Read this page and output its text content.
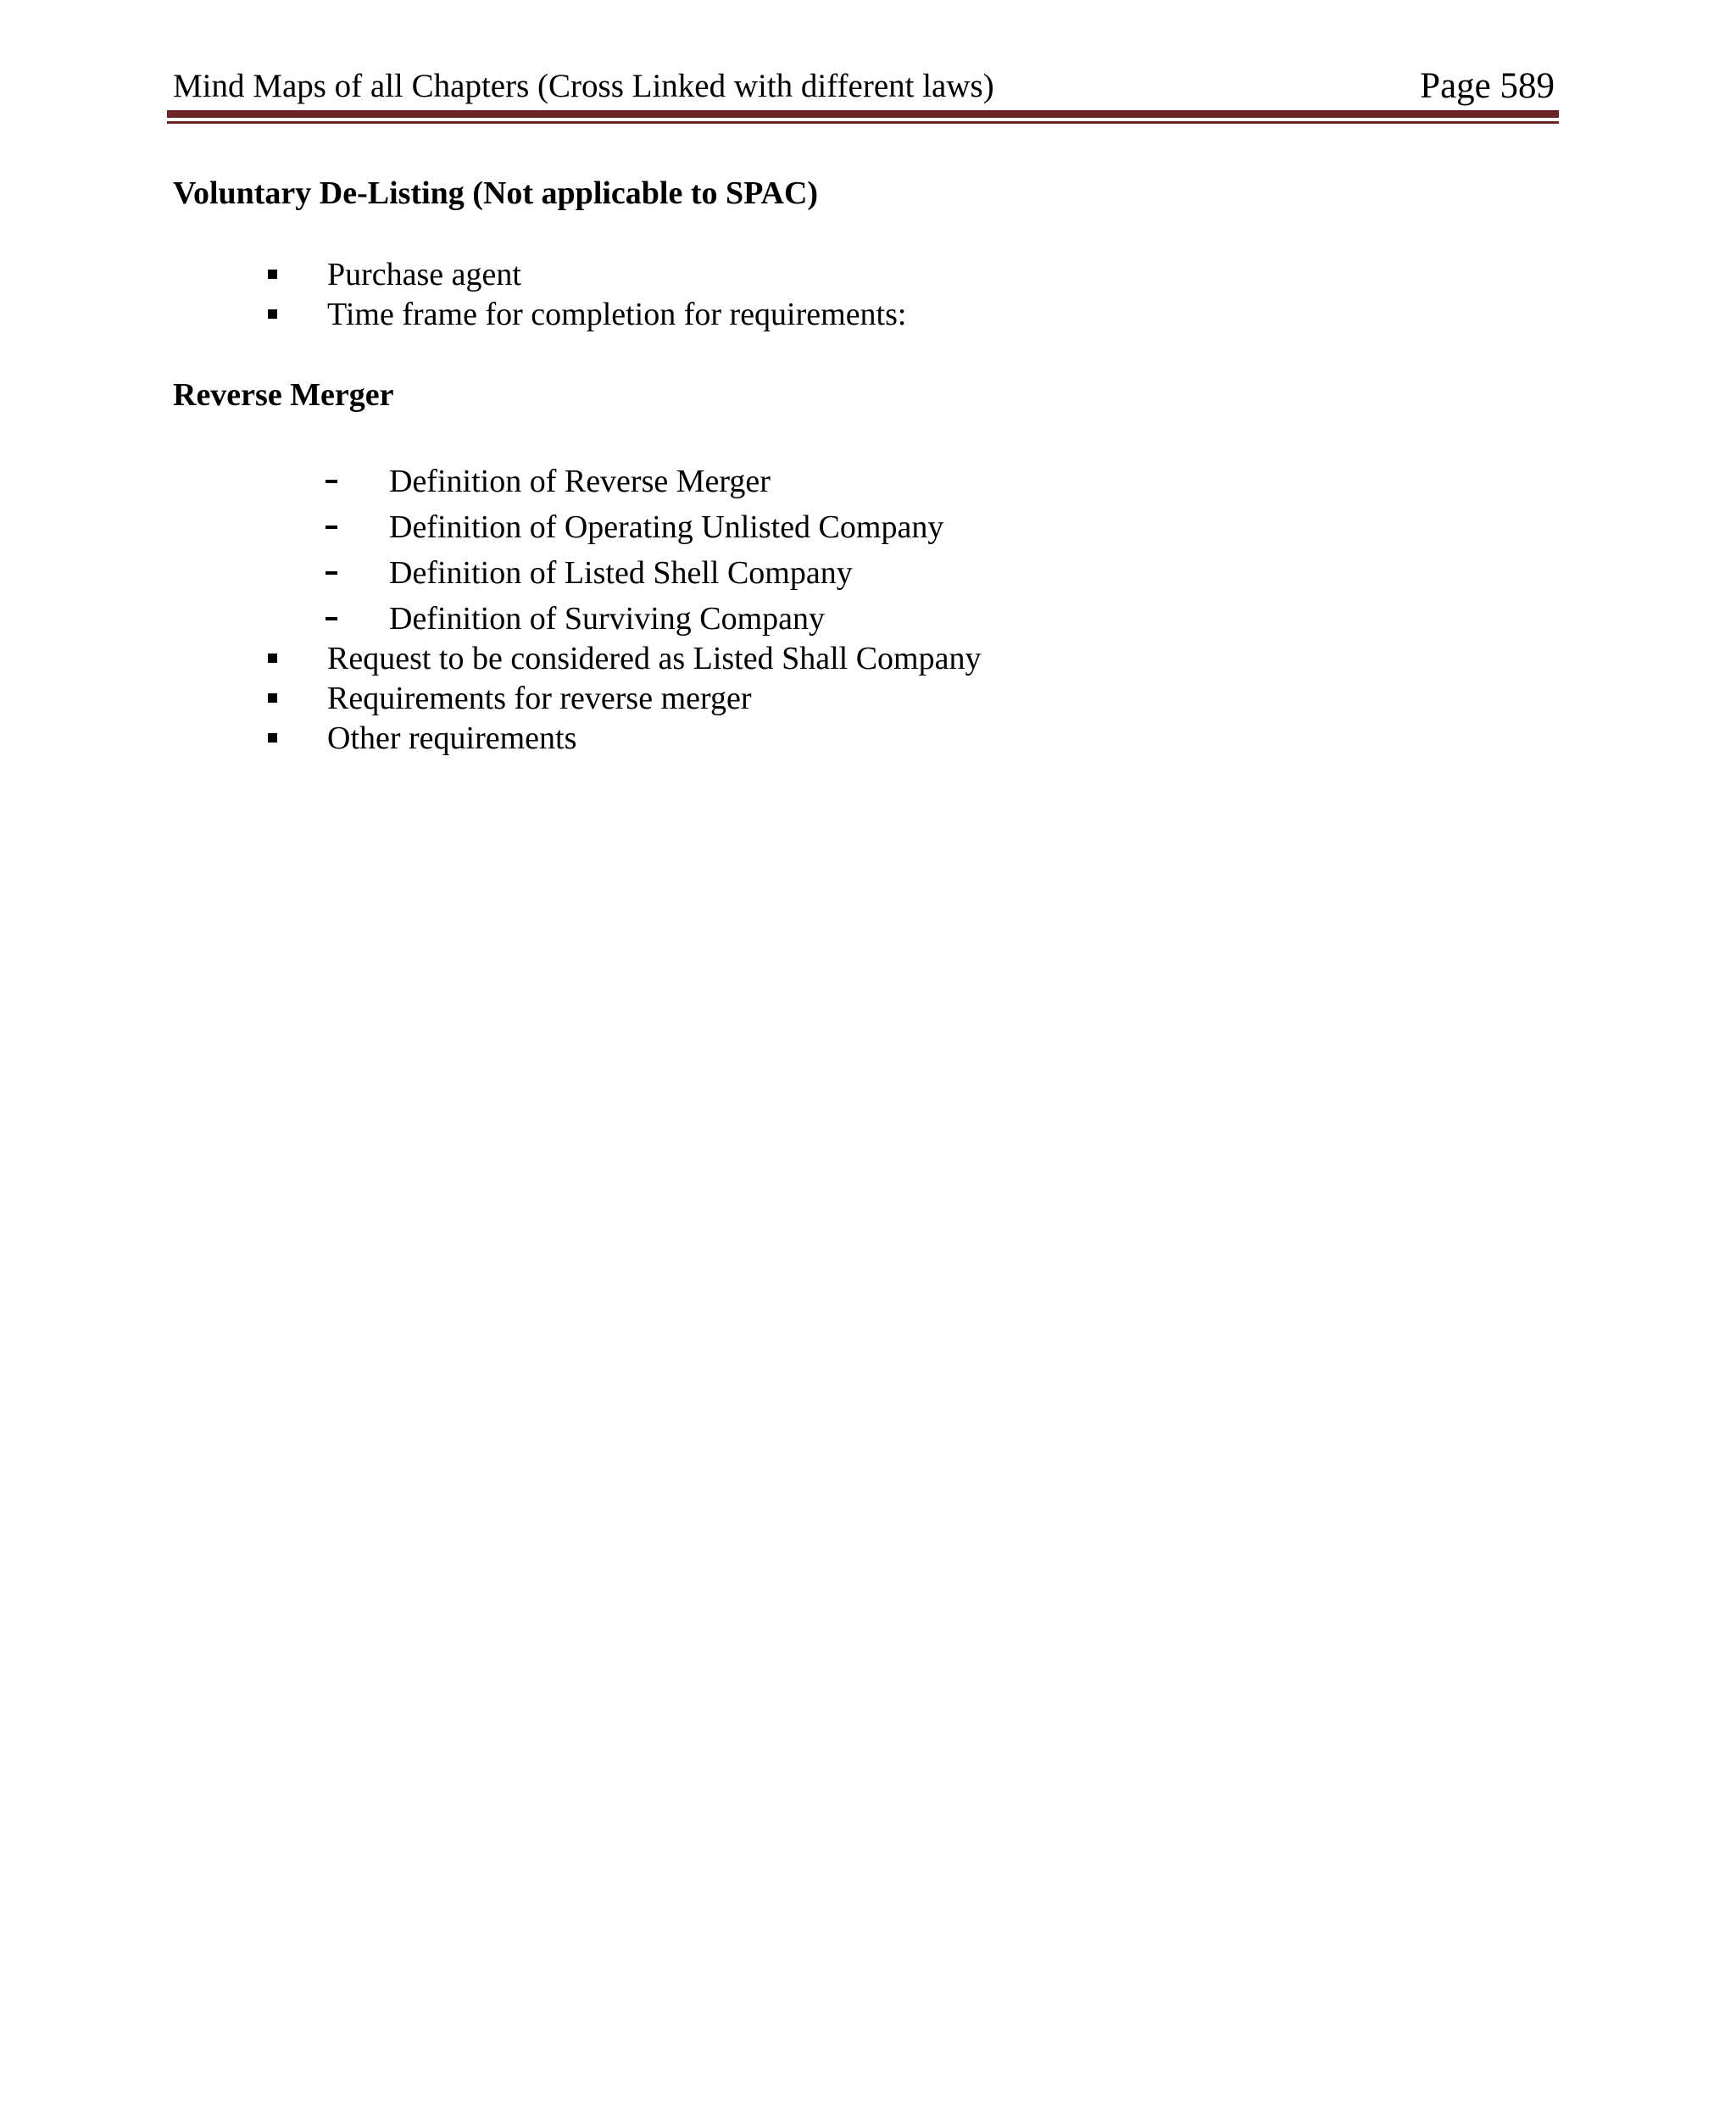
Mind Maps of all Chapters (Cross Linked with different laws)	Page 589
Voluntary De-Listing (Not applicable to SPAC)
Purchase agent
Time frame for completion for requirements:
Reverse Merger
Definition of Reverse Merger
Definition of Operating Unlisted Company
Definition of Listed Shell Company
Definition of Surviving Company
Request to be considered as Listed Shall Company
Requirements for reverse merger
Other requirements
